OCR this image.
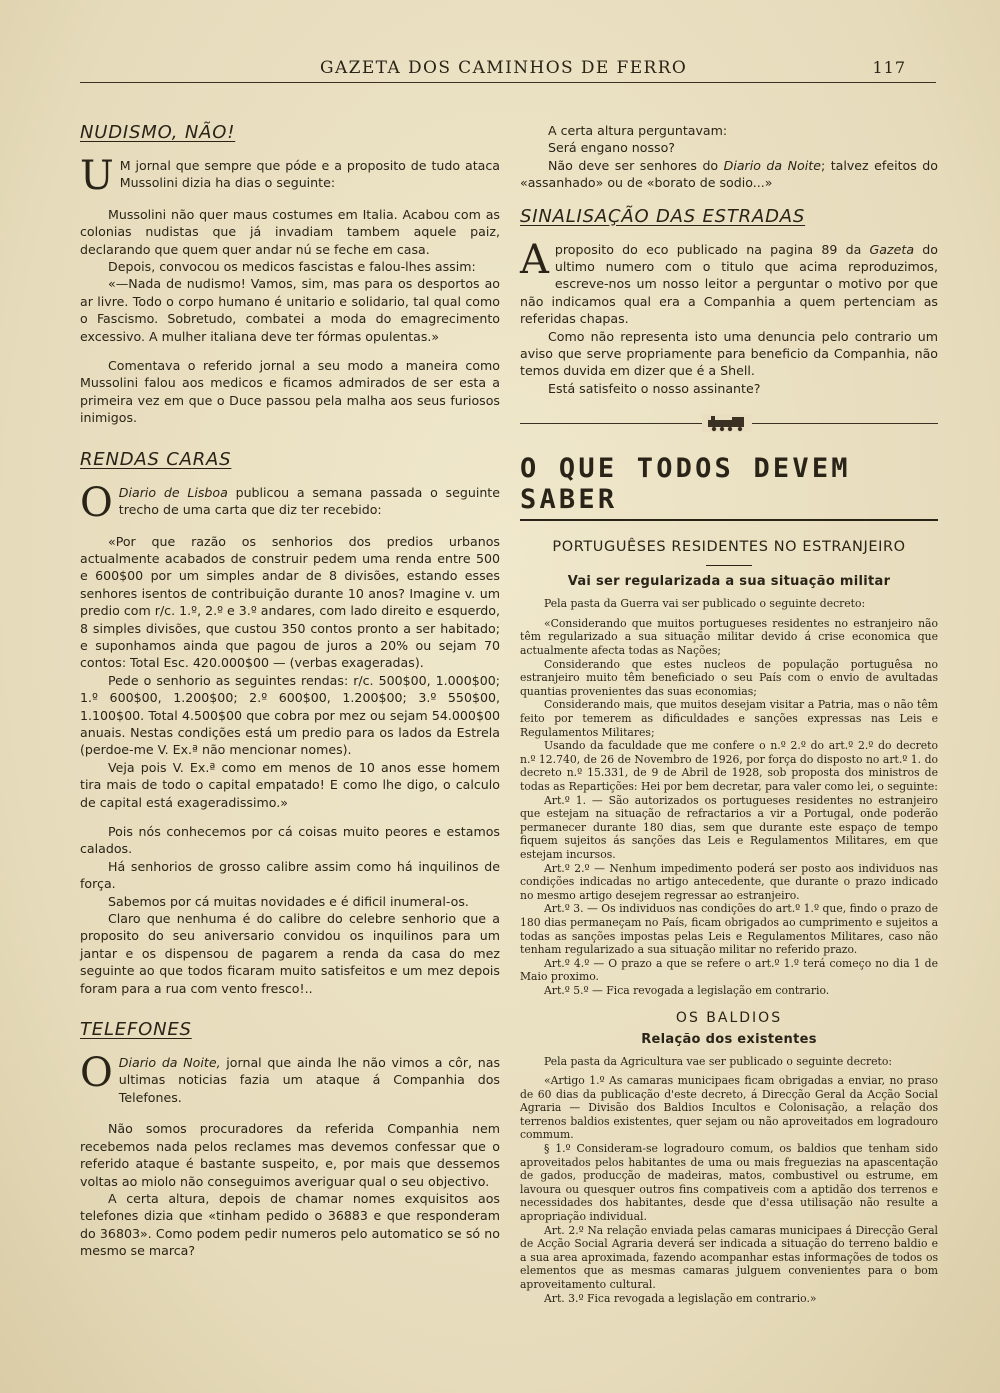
GAZETA DOS CAMINHOS DE FERRO	117
NUDISMO, NÃO!

U M jornal que sempre que póde e a proposito de tudo ataca Mussolini dizia ha dias o seguinte:

Mussolini não quer maus costumes em Italia. Acabou com as colonias nudistas que já invadiam tambem aquele paiz, declarando que quem quer andar nú se feche em casa.

Depois, convocou os medicos fascistas e falou-lhes assim:

«—Nada de nudismo! Vamos, sim, mas para os desportos ao ar livre. Todo o corpo humano é unitario e solidario, tal qual como o Fascismo. Sobretudo, combatei a moda do emagrecimento excessivo. A mulher italiana deve ter fórmas opulentas.»

Comentava o referido jornal a seu modo a maneira como Mussolini falou aos medicos e ficamos admirados de ser esta a primeira vez em que o Duce passou pela malha aos seus furiosos inimigos.

RENDAS CARAS

O Diario de Lisboa publicou a semana passada o seguinte trecho de uma carta que diz ter recebido:

«Por que razão os senhorios dos predios urbanos actualmente acabados de construir pedem uma renda entre 500 e 600$00 por um simples andar de 8 divisões, estando esses senhores isentos de contribuição durante 10 anos? Imagine v. um predio com r/c. 1.º, 2.º e 3.º andares, com lado direito e esquerdo, 8 simples divisões, que custou 350 contos pronto a ser habitado; e suponhamos ainda que pagou de juros a 20% ou sejam 70 contos: Total Esc. 420.000$00 — (verbas exageradas).

Pede o senhorio as seguintes rendas: r/c. 500$00, 1.000$00; 1.º 600$00, 1.200$00; 2.º 600$00, 1.200$00; 3.º 550$00, 1.100$00. Total 4.500$00 que cobra por mez ou sejam 54.000$00 anuais. Nestas condições está um predio para os lados da Estrela (perdoe-me V. Ex.ª não mencionar nomes).

Veja pois V. Ex.ª como em menos de 10 anos esse homem tira mais de todo o capital empatado! E como lhe digo, o calculo de capital está exageradissimo.»

Pois nós conhecemos por cá coisas muito peores e estamos calados.

Há senhorios de grosso calibre assim como há inquilinos de força.

Sabemos por cá muitas novidades e é dificil inumeral-os.

Claro que nenhuma é do calibre do celebre senhorio que a proposito do seu aniversario convidou os inquilinos para um jantar e os dispensou de pagarem a renda da casa do mez seguinte ao que todos ficaram muito satisfeitos e um mez depois foram para a rua com vento fresco!..

TELEFONES

O Diario da Noite, jornal que ainda lhe não vimos a côr, nas ultimas noticias fazia um ataque á Companhia dos Telefones.

Não somos procuradores da referida Companhia nem recebemos nada pelos reclames mas devemos confessar que o referido ataque é bastante suspeito, e, por mais que dessemos voltas ao miolo não conseguimos averiguar qual o seu objectivo.

A certa altura, depois de chamar nomes exquisitos aos telefones dizia que «tinham pedido o 36883 e que responderam do 36803». Como podem pedir numeros pelo automatico se só no mesmo se marca?

A certa altura perguntavam:

Será engano nosso?

Não deve ser senhores do Diario da Noite; talvez efeitos do «assanhado» ou de «borato de sodio...»

SINALISAÇÃO DAS ESTRADAS

Aproposito do eco publicado na pagina 89 da Gazeta do ultimo numero com o titulo que acima reproduzimos, escreve-nos um nosso leitor a perguntar o motivo por que não indicamos qual era a Companhia a quem pertenciam as referidas chapas.

Como não representa isto uma denuncia pelo contrario um aviso que serve propriamente para beneficio da Companhia, não temos duvida em dizer que é a Shell.

Está satisfeito o nosso assinante?

O QUE TODOS DEVEM SABER
PORTUGUÊSES RESIDENTES NO ESTRANJEIRO
Vai ser regularizada a sua situação militar

Pela pasta da Guerra vai ser publicado o seguinte decreto:

«Considerando que muitos portugueses residentes no estranjeiro não têm regularizado a sua situação militar devido á crise economica que actualmente afecta todas as Nações;

Considerando que estes nucleos de população portuguêsa no estranjeiro muito têm beneficiado o seu País com o envio de avultadas quantias provenientes das suas economias;

Considerando mais, que muitos desejam visitar a Patria, mas o não têm feito por temerem as dificuldades e sanções expressas nas Leis e Regulamentos Militares;

Usando da faculdade que me confere o n.º 2.º do art.º 2.º do decreto n.º 12.740, de 26 de Novembro de 1926, por força do disposto no art.º 1. do decreto n.º 15.331, de 9 de Abril de 1928, sob proposta dos ministros de todas as Repartições: Hei por bem decretar, para valer como lei, o seguinte:

Art.º 1. — São autorizados os portugueses residentes no estranjeiro que estejam na situação de refractarios a vir a Portugal, onde poderão permanecer durante 180 dias, sem que durante este espaço de tempo fiquem sujeitos ás sanções das Leis e Regulamentos Militares, em que estejam incursos.

Art.º 2.º — Nenhum impedimento poderá ser posto aos individuos nas condições indicadas no artigo antecedente, que durante o prazo indicado no mesmo artigo desejem regressar ao estranjeiro.

Art.º 3. — Os individuos nas condições do art.º 1.º que, findo o prazo de 180 dias permaneçam no País, ficam obrigados ao cumprimento e sujeitos a todas as sanções impostas pelas Leis e Regulamentos Militares, caso não tenham regularizado a sua situação militar no referido prazo.

Art.º 4.º — O prazo a que se refere o art.º 1.º terá começo no dia 1 de Maio proximo.

Art.º 5.º — Fica revogada a legislação em contrario.

OS BALDIOS
Relação dos existentes

Pela pasta da Agricultura vae ser publicado o seguinte decreto:

«Artigo 1.º As camaras municipaes ficam obrigadas a enviar, no praso de 60 dias da publicação d'este decreto, á Direcção Geral da Acção Social Agraria — Divisão dos Baldios Incultos e Colonisação, a relação dos terrenos baldios existentes, quer sejam ou não aproveitados em logradouro commum.

§ 1.º Consideram-se logradouro comum, os baldios que tenham sido aproveitados pelos habitantes de uma ou mais freguezias na apascentação de gados, producção de madeiras, matos, combustivel ou estrume, em lavoura ou quesquer outros fins compativeis com a aptidão dos terrenos e necessidades dos habitantes, desde que d'essa utilisação não resulte a apropriação individual.

Art. 2.º Na relação enviada pelas camaras municipaes á Direcção Geral de Acção Social Agraria deverá ser indicada a situação do terreno baldio e a sua area aproximada, fazendo acompanhar estas informações de todos os elementos que as mesmas camaras julguem convenientes para o bom aproveitamento cultural.

Art. 3.º Fica revogada a legislação em contrario.»
